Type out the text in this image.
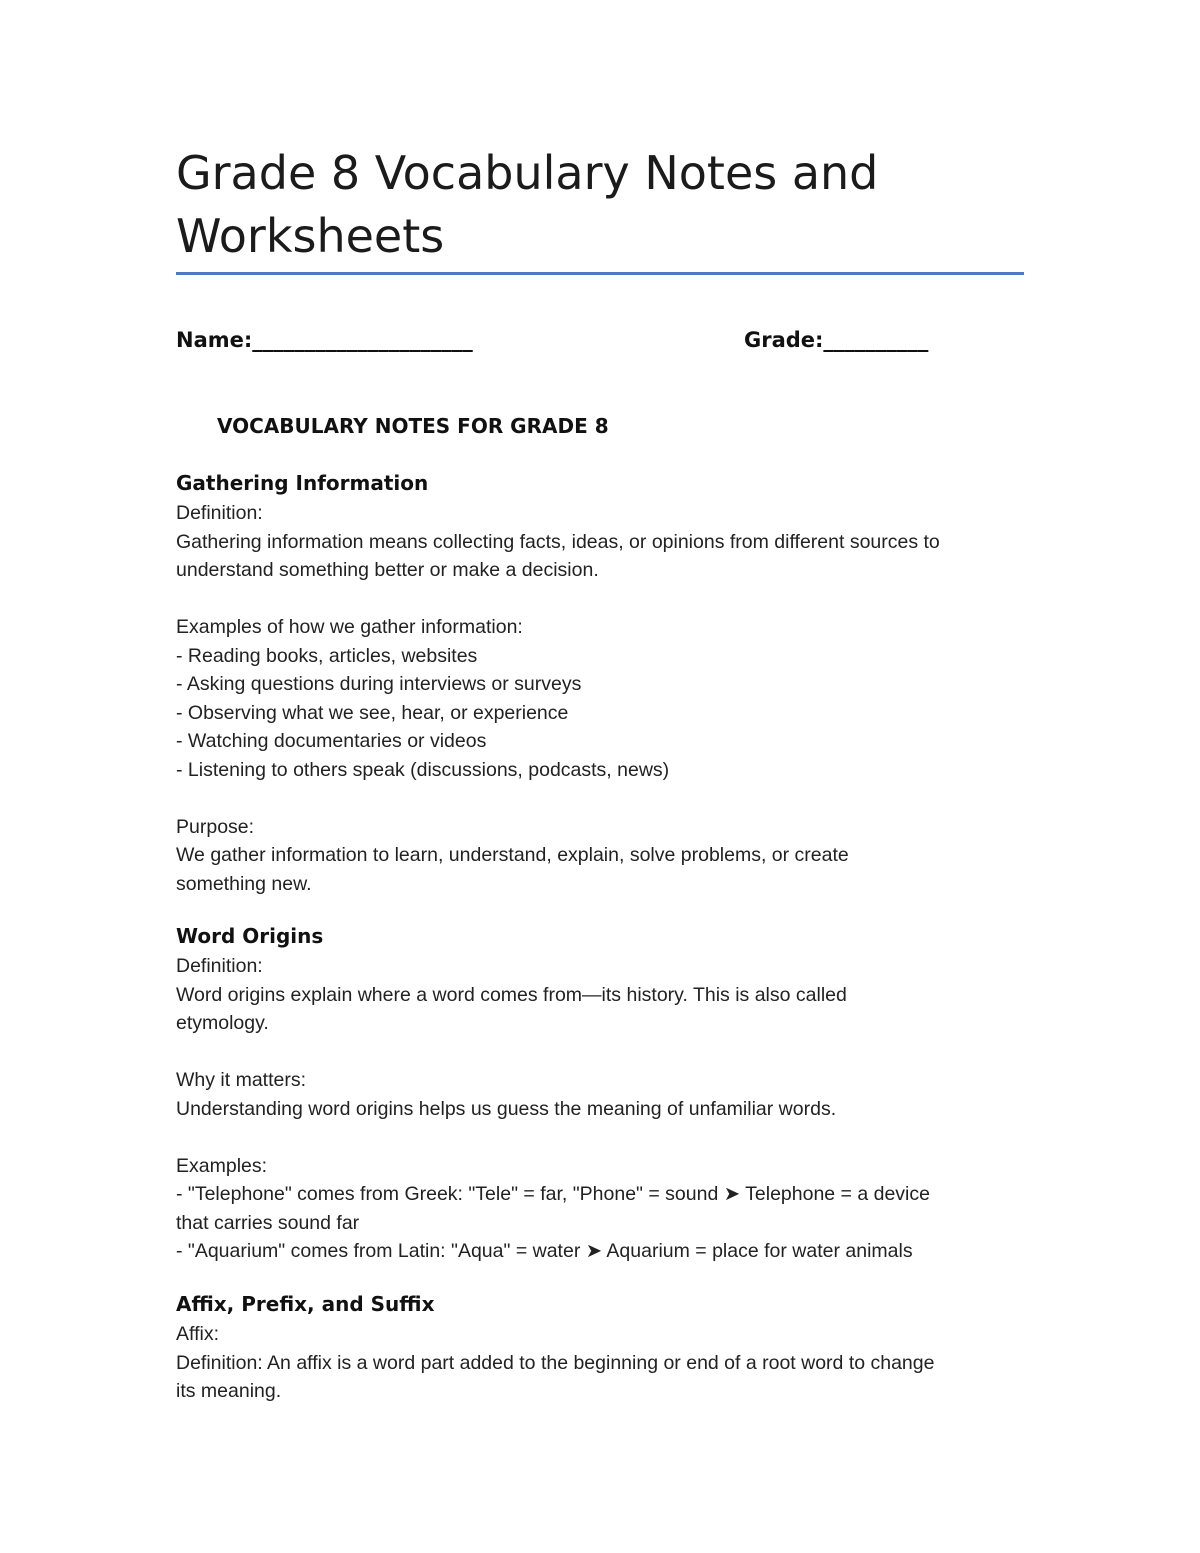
Grade 8 Vocabulary Notes and
Worksheets
Name:_____________________	Grade:__________
VOCABULARY NOTES FOR GRADE 8
Gathering Information
Definition:
Gathering information means collecting facts, ideas, or opinions from different sources to
understand something better or make a decision.
Examples of how we gather information:
- Reading books, articles, websites
- Asking questions during interviews or surveys
- Observing what we see, hear, or experience
- Watching documentaries or videos
- Listening to others speak (discussions, podcasts, news)
Purpose:
We gather information to learn, understand, explain, solve problems, or create
something new.
Word Origins
Definition:
Word origins explain where a word comes from—its history. This is also called
etymology.
Why it matters:
Understanding word origins helps us guess the meaning of unfamiliar words.
Examples:
- "Telephone" comes from Greek: "Tele" = far, "Phone" = sound ➤ Telephone = a device
that carries sound far
- "Aquarium" comes from Latin: "Aqua" = water ➤ Aquarium = place for water animals
Affix, Prefix, and Suffix
Affix:
Definition: An affix is a word part added to the beginning or end of a root word to change
its meaning.
